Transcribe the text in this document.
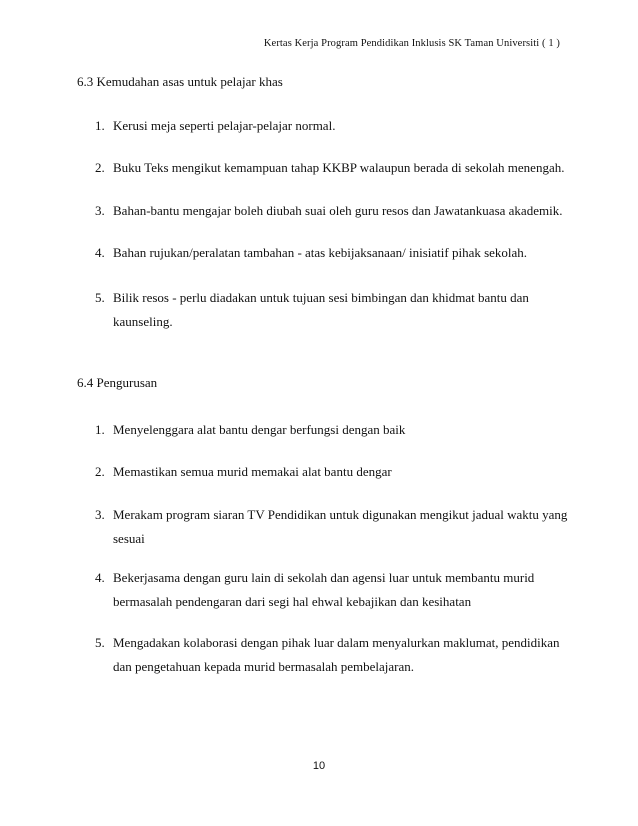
Kertas Kerja Program Pendidikan Inklusis SK Taman Universiti ( 1 )
6.3 Kemudahan asas untuk pelajar khas
1. Kerusi meja seperti pelajar-pelajar normal.
2. Buku Teks mengikut kemampuan tahap KKBP walaupun berada di sekolah menengah.
3. Bahan-bantu mengajar boleh diubah suai oleh guru resos dan Jawatankuasa akademik.
4. Bahan rujukan/peralatan tambahan - atas kebijaksanaan/ inisiatif pihak sekolah.
5. Bilik resos - perlu diadakan untuk tujuan sesi bimbingan dan khidmat bantu dan kaunseling.
6.4 Pengurusan
1. Menyelenggara alat bantu dengar berfungsi dengan baik
2. Memastikan semua murid memakai alat bantu dengar
3. Merakam program siaran TV Pendidikan untuk digunakan mengikut jadual waktu yang sesuai
4. Bekerjasama dengan guru lain di sekolah dan agensi luar untuk membantu murid bermasalah pendengaran dari segi hal ehwal kebajikan dan kesihatan
5. Mengadakan kolaborasi dengan pihak luar dalam menyalurkan maklumat, pendidikan dan pengetahuan kepada murid bermasalah pembelajaran.
10
